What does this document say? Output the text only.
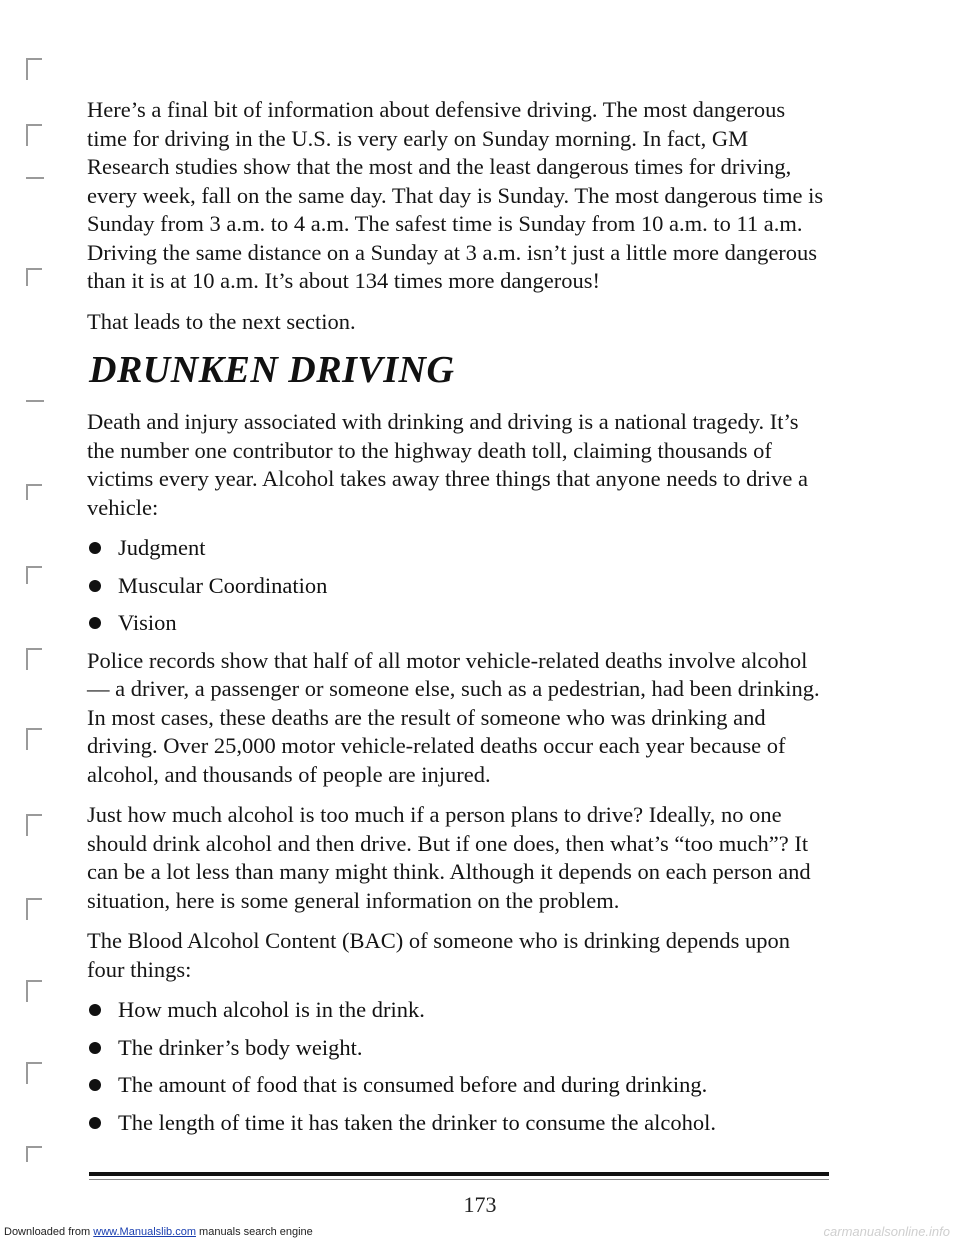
Here’s a final bit of information about defensive driving. The most dangerous time for driving in the U.S. is very early on Sunday morning. In fact, GM Research studies show that the most and the least dangerous times for driving, every week, fall on the same day. That day is Sunday. The most dangerous time is Sunday from 3 a.m. to 4 a.m. The safest time is Sunday from 10 a.m. to 11 a.m. Driving the same distance on a Sunday at 3 a.m. isn’t just a little more dangerous than it is at 10 a.m. It’s about 134 times more dangerous!

That leads to the next section.

DRUNKEN DRIVING

Death and injury associated with drinking and driving is a national tragedy. It’s the number one contributor to the highway death toll, claiming thousands of victims every year. Alcohol takes away three things that anyone needs to drive a vehicle:

Judgment
Muscular Coordination
Vision

Police records show that half of all motor vehicle-related deaths involve alcohol — a driver, a passenger or someone else, such as a pedestrian, had been drinking. In most cases, these deaths are the result of someone who was drinking and driving. Over 25,000 motor vehicle-related deaths occur each year because of alcohol, and thousands of people are injured.

Just how much alcohol is too much if a person plans to drive? Ideally, no one should drink alcohol and then drive. But if one does, then what’s “too much”? It can be a lot less than many might think. Although it depends on each person and situation, here is some general information on the problem.

The Blood Alcohol Content (BAC) of someone who is drinking depends upon four things:

How much alcohol is in the drink.
The drinker’s body weight.
The amount of food that is consumed before and during drinking.
The length of time it has taken the drinker to consume the alcohol.
173
Downloaded from www.Manualslib.com manuals search engine	carmanualsonline.info
